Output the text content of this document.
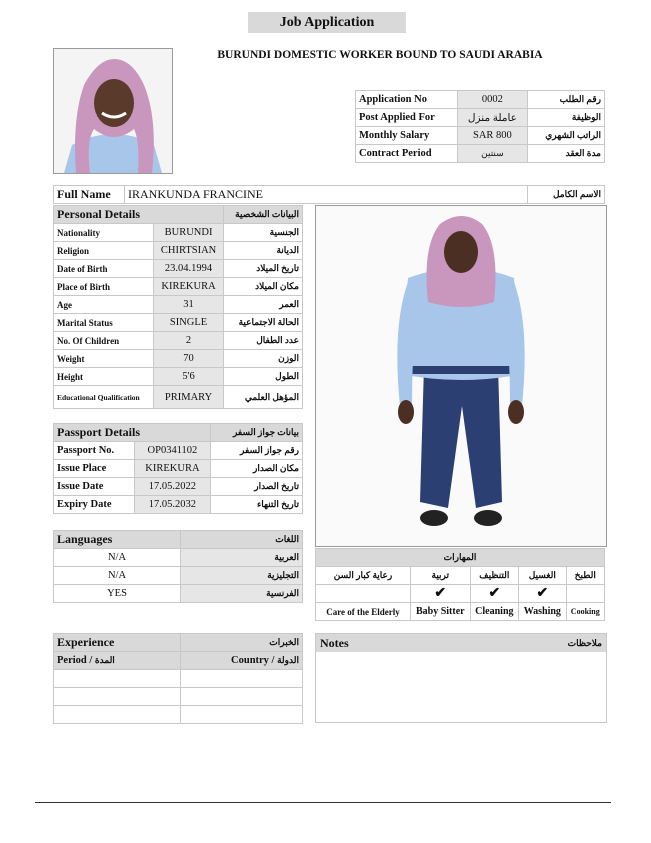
Job Application
BURUNDI DOMESTIC WORKER BOUND TO SAUDI ARABIA
Application No	0002	رقم الطلب
Post Applied For	عاملة منزل	الوظيفة
Monthly Salary	SAR 800	الراتب الشهري
Contract Period	سنتين	مدة العقد
Full Name	IRANKUNDA FRANCINE	الاسم الكامل
Personal Details		البيانات الشخصية
Nationality	BURUNDI	الجنسية
Religion	CHIRTSIAN	الديانة
Date of Birth	23.04.1994	تاريخ الميلاد
Place of Birth	KIREKURA	مكان الميلاد
Age	31	العمر
Marital Status	SINGLE	الحالة الاجتماعية
No. Of Children	2	عدد الطفال
Weight	70	الوزن
Height	5'6	الطول
Educational Qualification	PRIMARY	المؤهل العلمي
Passport Details		بيانات جواز السفر
Passport No.	OP0341102	رقم جواز السفر
Issue Place	KIREKURA	مكان الصدار
Issue Date	17.05.2022	تاريخ الصدار
Expiry Date	17.05.2032	تاريخ التنهاء
Languages	اللغات
N/A	العربية
N/A	التجليزية
YES	الفرنسية
المهارات				
رعاية كبار السن	تربية	التنظيف	الغسيل	الطبخ
	✔	✔	✔	
Care of the Elderly	Baby Sitter	Cleaning	Washing	Cooking
Experience	الخبرات
Period / المدة	الدولة Country /

Notes	ملاحظات
